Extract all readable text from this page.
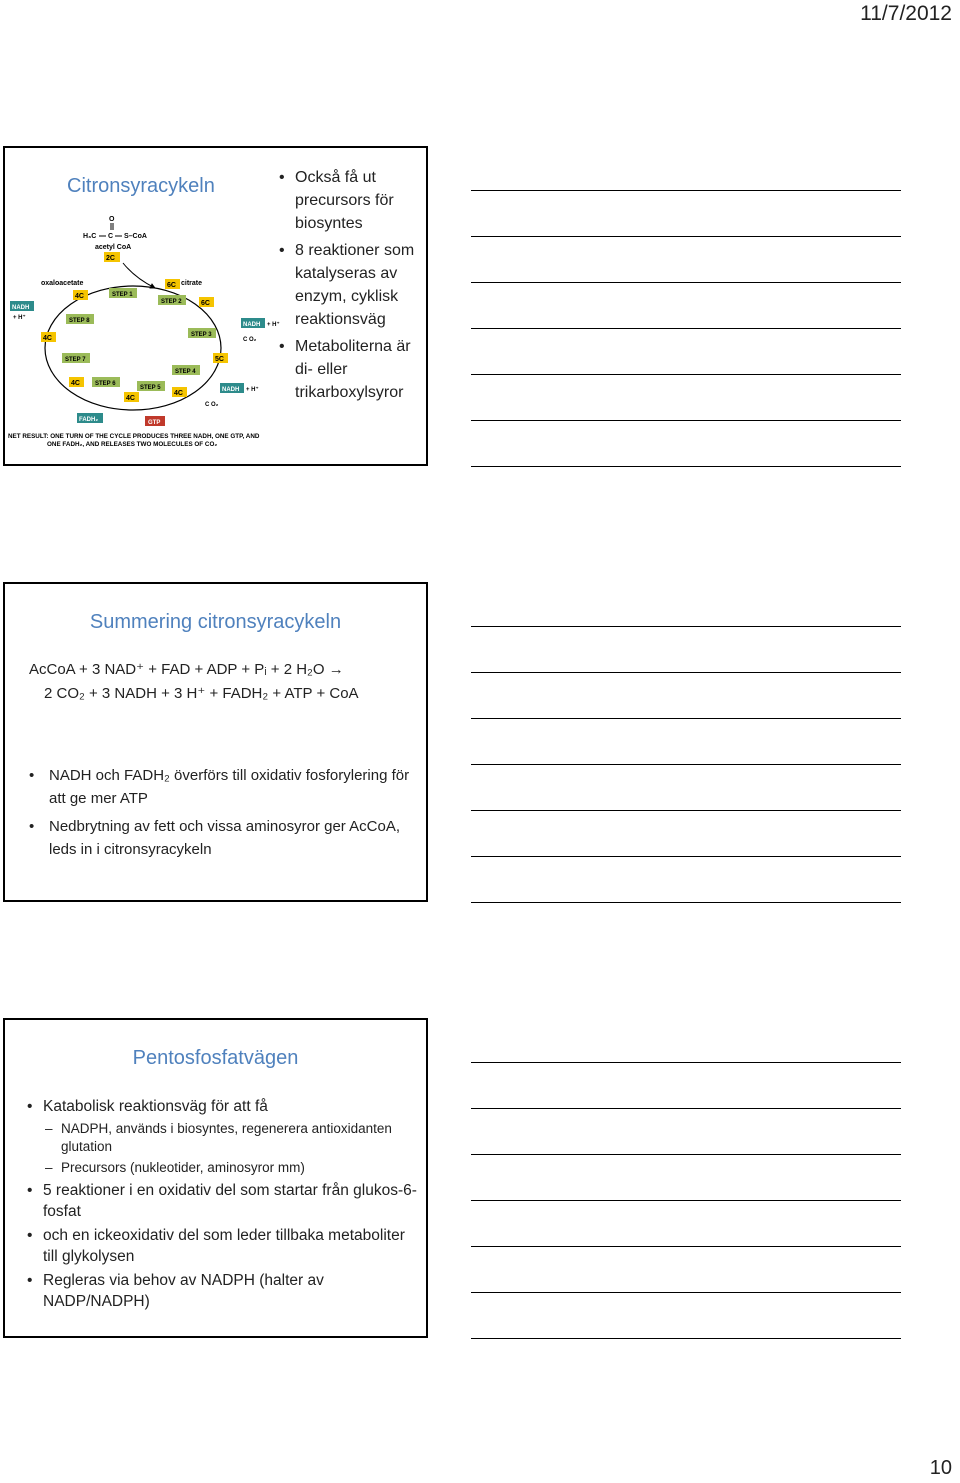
11/7/2012
Citronsyracykeln
O
H₃C C S–CoA
acetyl CoA
2C
citrate
oxaloacetate	6C
6C
5C
4C
4C
4C
4C
4C	STEP 1
STEP 2
STEP 3
STEP 4
STEP 5
STEP 6
STEP 7
STEP 8
NADH
+ H⁺
NADH + H⁺
C O₂
NADH + H⁺
C O₂
FADH₂	GTP
NET RESULT: ONE TURN OF THE CYCLE PRODUCES THREE NADH, ONE GTP, AND
ONE FADH₂, AND RELEASES TWO MOLECULES OF CO₂
• Också få ut precursors för biosyntes
• 8 reaktioner som katalyseras av enzym, cyklisk reaktionsväg
• Metaboliterna är di- eller trikarboxylsyror
Summering citronsyracykeln
AcCoA + 3 NAD⁺ + FAD + ADP + Pᵢ + 2 H₂O →
2 CO₂ + 3 NADH + 3 H⁺ + FADH₂ + ATP + CoA
• NADH och FADH₂ överförs till oxidativ fosforylering för att ge mer ATP
• Nedbrytning av fett och vissa aminosyror ger AcCoA, leds in i citronsyracykeln
Pentosfosfatvägen
• Katabolisk reaktionsväg för att få
– NADPH, används i biosyntes, regenerera antioxidanten glutation
– Precursors (nukleotider, aminosyror mm)
• 5 reaktioner i en oxidativ del som startar från glukos-6-fosfat
• och en ickeoxidativ del som leder tillbaka metaboliter till glykolysen
• Regleras via behov av NADPH (halter av NADP/NADPH)
10
